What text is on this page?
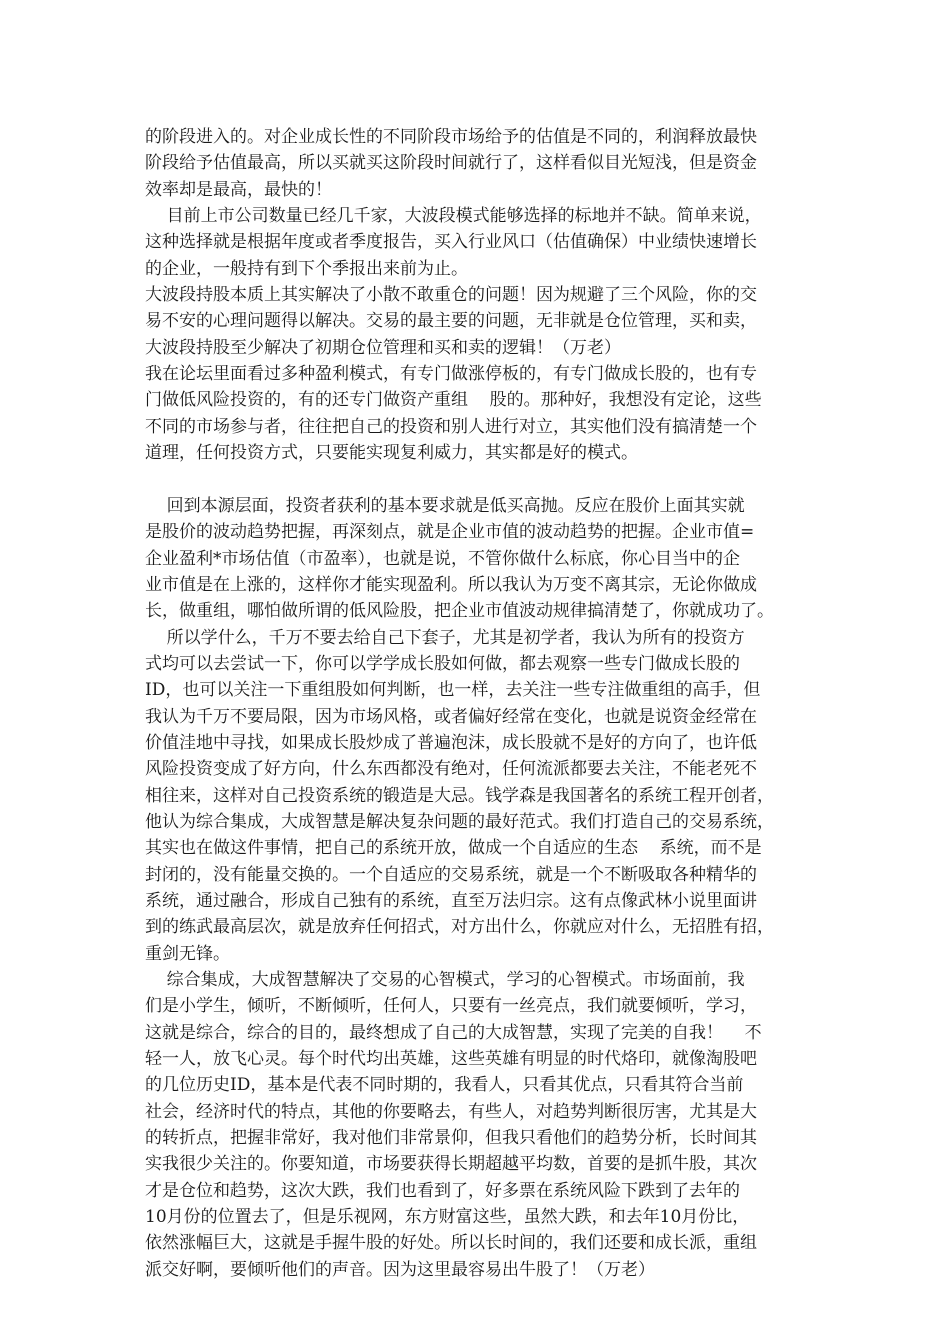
的阶段进入的。对企业成长性的不同阶段市场给予的估值是不同的，利润释放最快
阶段给予估值最高，所以买就买这阶段时间就行了，这样看似目光短浅，但是资金
效率却是最高，最快的！
目前上市公司数量已经几千家，大波段模式能够选择的标地并不缺。简单来说，
这种选择就是根据年度或者季度报告，买入行业风口（估值确保）中业绩快速增长
的企业，一般持有到下个季报出来前为止。
大波段持股本质上其实解决了小散不敢重仓的问题！因为规避了三个风险，你的交
易不安的心理问题得以解决。交易的最主要的问题，无非就是仓位管理，买和卖，
大波段持股至少解决了初期仓位管理和买和卖的逻辑！（万老）
我在论坛里面看过多种盈利模式，有专门做涨停板的，有专门做成长股的，也有专
门做低风险投资的，有的还专门做资产重组    股的。那种好，我想没有定论，这些
不同的市场参与者，往往把自己的投资和别人进行对立，其实他们没有搞清楚一个
道理，任何投资方式，只要能实现复利威力，其实都是好的模式。
回到本源层面，投资者获利的基本要求就是低买高抛。反应在股价上面其实就
是股价的波动趋势把握，再深刻点，就是企业市值的波动趋势的把握。企业市值=
企业盈利*市场估值（市盈率），也就是说，不管你做什么标底，你心目当中的企
业市值是在上涨的，这样你才能实现盈利。所以我认为万变不离其宗，无论你做成
长，做重组，哪怕做所谓的低风险股，把企业市值波动规律搞清楚了，你就成功了。
所以学什么，千万不要去给自己下套子，尤其是初学者，我认为所有的投资方
式均可以去尝试一下，你可以学学成长股如何做，都去观察一些专门做成长股的
ID，也可以关注一下重组股如何判断，也一样，去关注一些专注做重组的高手，但
我认为千万不要局限，因为市场风格，或者偏好经常在变化，也就是说资金经常在
价值洼地中寻找，如果成长股炒成了普遍泡沫，成长股就不是好的方向了，也许低
风险投资变成了好方向，什么东西都没有绝对，任何流派都要去关注，不能老死不
相往来，这样对自己投资系统的锻造是大忌。钱学森是我国著名的系统工程开创者，
他认为综合集成，大成智慧是解决复杂问题的最好范式。我们打造自己的交易系统，
其实也在做这件事情，把自己的系统开放，做成一个自适应的生态    系统，而不是
封闭的，没有能量交换的。一个自适应的交易系统，就是一个不断吸取各种精华的
系统，通过融合，形成自己独有的系统，直至万法归宗。这有点像武林小说里面讲
到的练武最高层次，就是放弃任何招式，对方出什么，你就应对什么，无招胜有招，
重剑无锋。
综合集成，大成智慧解决了交易的心智模式，学习的心智模式。市场面前，我
们是小学生，倾听，不断倾听，任何人，只要有一丝亮点，我们就要倾听，学习，
这就是综合，综合的目的，最终想成了自己的大成智慧，实现了完美的自我！    不
轻一人，放飞心灵。每个时代均出英雄，这些英雄有明显的时代烙印，就像淘股吧
的几位历史ID，基本是代表不同时期的，我看人，只看其优点，只看其符合当前
社会，经济时代的特点，其他的你要略去，有些人，对趋势判断很厉害，尤其是大
的转折点，把握非常好，我对他们非常景仰，但我只看他们的趋势分析，长时间其
实我很少关注的。你要知道，市场要获得长期超越平均数，首要的是抓牛股，其次
才是仓位和趋势，这次大跌，我们也看到了，好多票在系统风险下跌到了去年的
10月份的位置去了，但是乐视网，东方财富这些，虽然大跌，和去年10月份比，
依然涨幅巨大，这就是手握牛股的好处。所以长时间的，我们还要和成长派，重组
派交好啊，要倾听他们的声音。因为这里最容易出牛股了！（万老）
